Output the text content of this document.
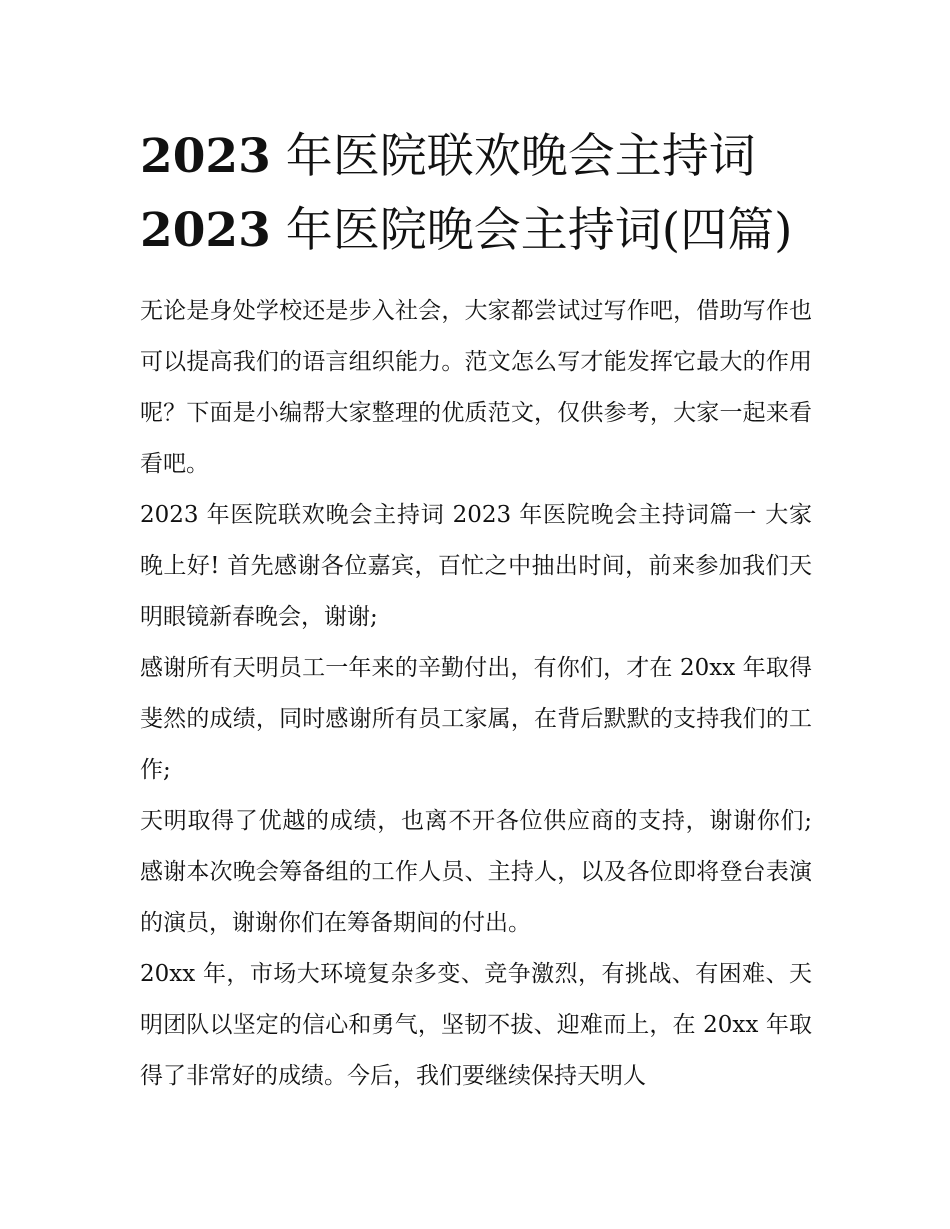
2023 年医院联欢晚会主持词
2023 年医院晚会主持词(四篇)

无论是身处学校还是步入社会，大家都尝试过写作吧，借助写作也可以提高我们的语言组织能力。范文怎么写才能发挥它最大的作用呢？下面是小编帮大家整理的优质范文，仅供参考，大家一起来看看吧。

2023 年医院联欢晚会主持词 2023 年医院晚会主持词篇一 大家晚上好! 首先感谢各位嘉宾，百忙之中抽出时间，前来参加我们天明眼镜新春晚会，谢谢;

感谢所有天明员工一年来的辛勤付出，有你们，才在 20xx 年取得斐然的成绩，同时感谢所有员工家属，在背后默默的支持我们的工作;

天明取得了优越的成绩，也离不开各位供应商的支持，谢谢你们; 感谢本次晚会筹备组的工作人员、主持人，以及各位即将登台表演的演员，谢谢你们在筹备期间的付出。

20xx 年，市场大环境复杂多变、竞争激烈，有挑战、有困难、天明团队以坚定的信心和勇气，坚韧不拔、迎难而上，在 20xx 年取得了非常好的成绩。今后，我们要继续保持天明人
